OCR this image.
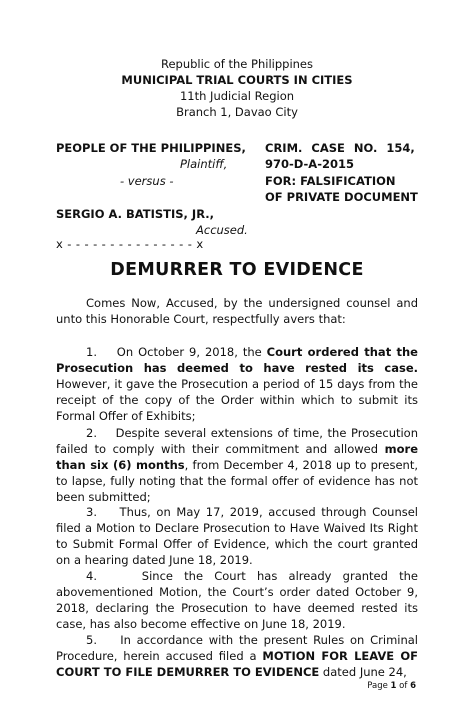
Republic of the Philippines
MUNICIPAL TRIAL COURTS IN CITIES
11th Judicial Region
Branch 1, Davao City
PEOPLE OF THE PHILIPPINES,
Plaintiff,
- versus -
SERGIO A. BATISTIS, JR.,
Accused.
x - - - - - - - - - - - - - - - x
CRIM. CASE NO. 154,
970-D-A-2015
FOR: FALSIFICATION
OF PRIVATE DOCUMENT
DEMURRER TO EVIDENCE
Comes Now, Accused, by the undersigned counsel and unto this Honorable Court, respectfully avers that:
1. On October 9, 2018, the Court ordered that the Prosecution has deemed to have rested its case. However, it gave the Prosecution a period of 15 days from the receipt of the copy of the Order within which to submit its Formal Offer of Exhibits;
2. Despite several extensions of time, the Prosecution failed to comply with their commitment and allowed more than six (6) months, from December 4, 2018 up to present, to lapse, fully noting that the formal offer of evidence has not been submitted;
3. Thus, on May 17, 2019, accused through Counsel filed a Motion to Declare Prosecution to Have Waived Its Right to Submit Formal Offer of Evidence, which the court granted on a hearing dated June 18, 2019.
4.	Since the Court has already granted the abovementioned Motion, the Court’s order dated October 9, 2018, declaring the Prosecution to have deemed rested its case, has also become effective on June 18, 2019.
5. In accordance with the present Rules on Criminal Procedure, herein accused filed a MOTION FOR LEAVE OF COURT TO FILE DEMURRER TO EVIDENCE dated June 24,
Page 1 of 6
